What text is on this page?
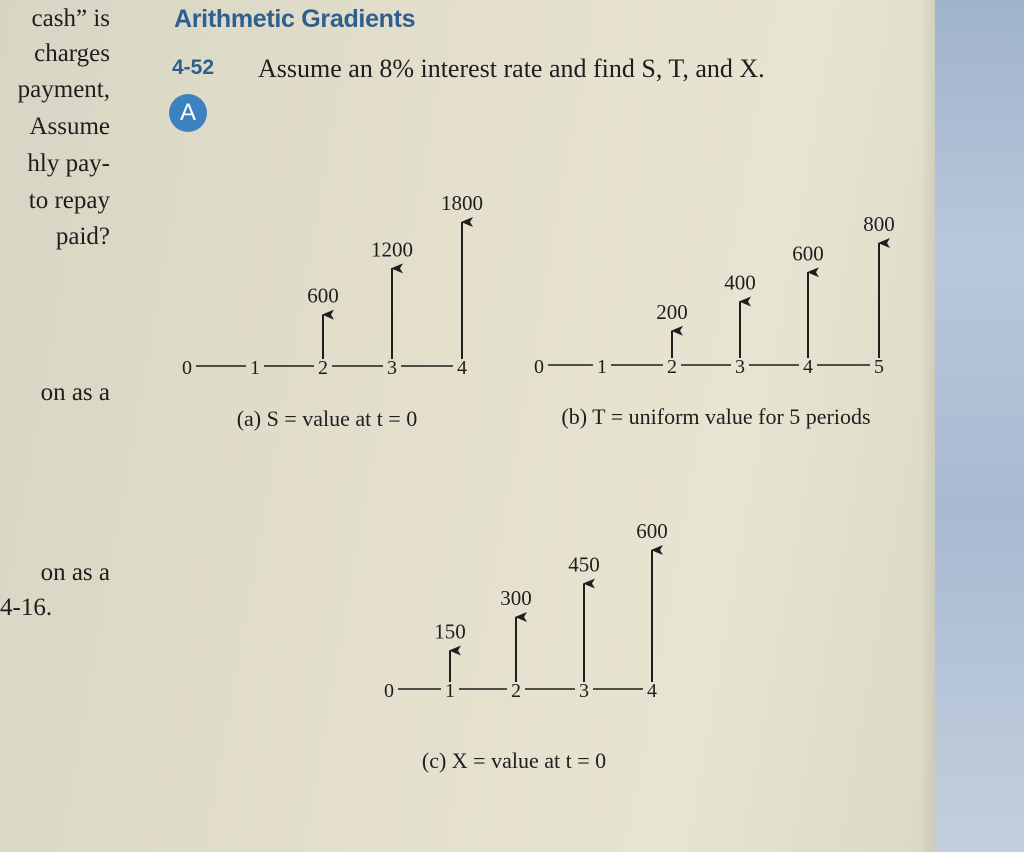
cash” is
charges
payment,
Assume
hly pay-
to repay
paid?
on as a
on as a
4-16.
Arithmetic Gradients
4-52 Assume an 8% interest rate and find S, T, and X.
A
0	1	2	3	4
600
1200
1800
(a) S = value at t = 0
0	1	2	3	4	5
200
400
600
800
(b) T = uniform value for 5 periods
0	1	2	3	4
150
300
450
600
(c) X = value at t = 0
